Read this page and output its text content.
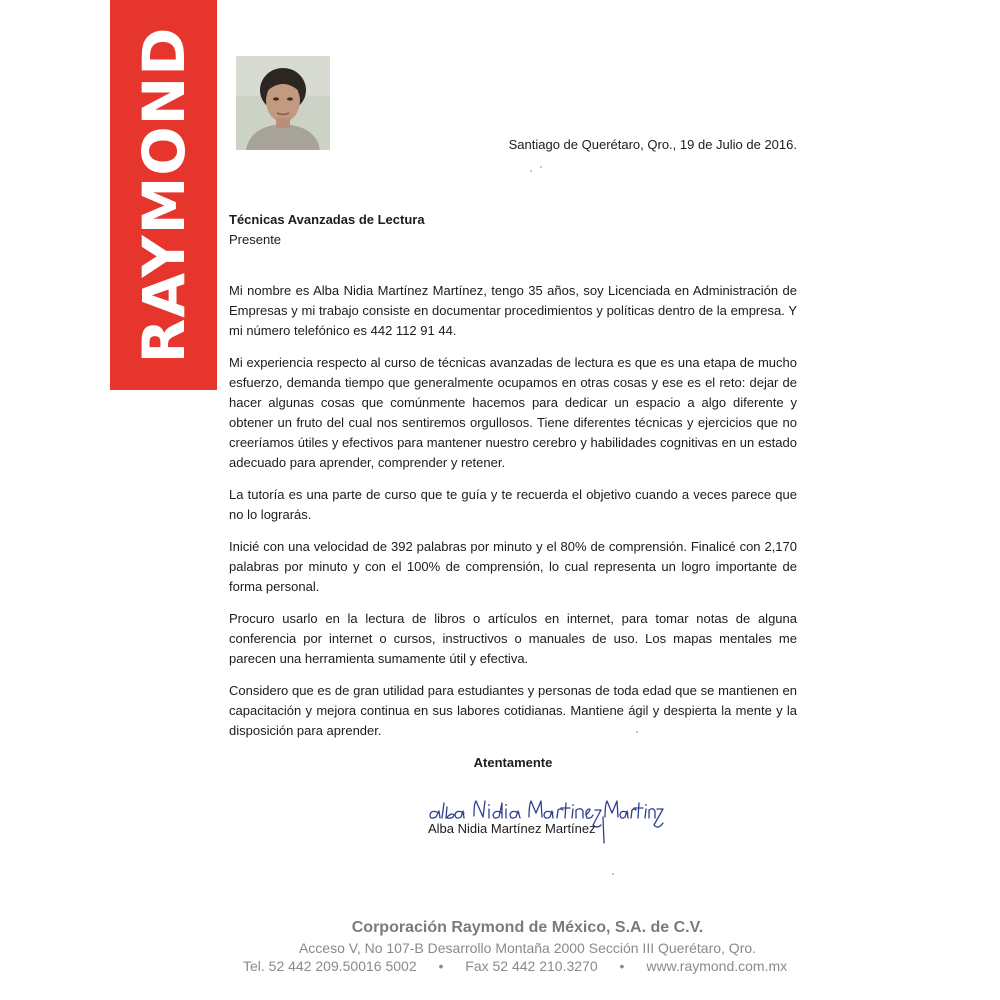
RAYMOND	Santiago de Querétaro, Qro., 19 de Julio de 2016.
Técnicas Avanzadas de Lectura
Presente

Mi nombre es Alba Nidia Martínez Martínez, tengo 35 años, soy Licenciada en Administración de Empresas y mi trabajo consiste en documentar procedimientos y políticas dentro de la empresa. Y mi número telefónico es 442 112 91 44.

Mi experiencia respecto al curso de técnicas avanzadas de lectura es que es una etapa de mucho esfuerzo, demanda tiempo que generalmente ocupamos en otras cosas y ese es el reto: dejar de hacer algunas cosas que comúnmente hacemos para dedicar un espacio a algo diferente y obtener un fruto del cual nos sentiremos orgullosos. Tiene diferentes técnicas y ejercicios que no creeríamos útiles y efectivos para mantener nuestro cerebro y habilidades cognitivas en un estado adecuado para aprender, comprender y retener.

La tutoría es una parte de curso que te guía y te recuerda el objetivo cuando a veces parece que no lo lograrás.

Inicié con una velocidad de 392 palabras por minuto y el 80% de comprensión. Finalicé con 2,170 palabras por minuto y con el 100% de comprensión, lo cual representa un logro importante de forma personal.

Procuro usarlo en la lectura de libros o artículos en internet, para tomar notas de alguna conferencia por internet o cursos, instructivos o manuales de uso. Los mapas mentales me parecen una herramienta sumamente útil y efectiva.

Considero que es de gran utilidad para estudiantes y personas de toda edad que se mantienen en capacitación y mejora continua en sus labores cotidianas. Mantiene ágil y despierta la mente y la disposición para aprender.

Atentamente
Alba Nidia Martínez Martínez
Corporación Raymond de México, S.A. de C.V.
Acceso V, No 107-B Desarrollo Montaña 2000 Sección III Querétaro, Qro.
Tel. 52 442 209.50016 5002 • Fax 52 442 210.3270 • www.raymond.com.mx
